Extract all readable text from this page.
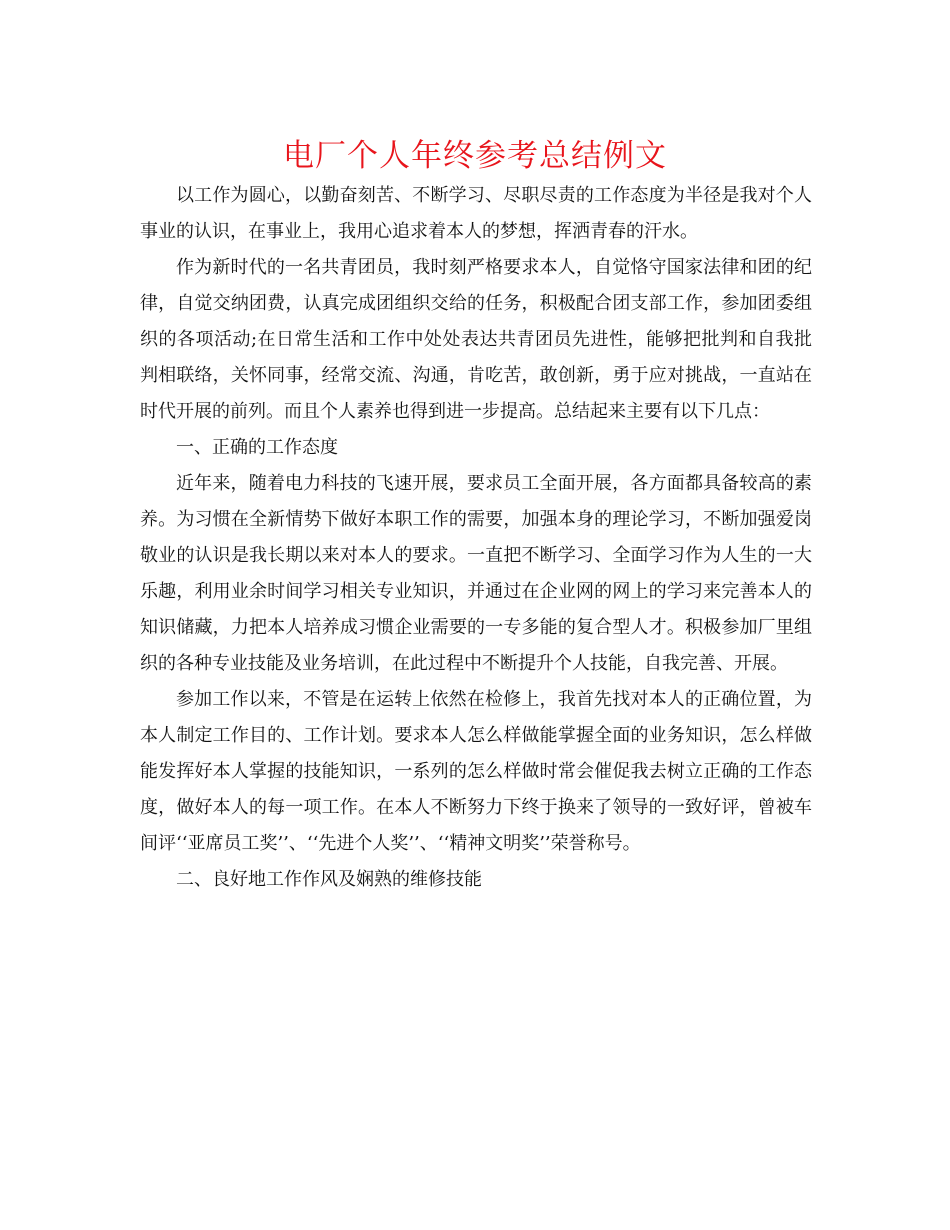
电厂个人年终参考总结例文

以工作为圆心，以勤奋刻苦、不断学习、尽职尽责的工作态度为半径是我对个人事业的认识，在事业上，我用心追求着本人的梦想，挥洒青春的汗水。

作为新时代的一名共青团员，我时刻严格要求本人，自觉恪守国家法律和团的纪律，自觉交纳团费，认真完成团组织交给的任务，积极配合团支部工作，参加团委组织的各项活动;在日常生活和工作中处处表达共青团员先进性，能够把批判和自我批判相联络，关怀同事，经常交流、沟通，肯吃苦，敢创新，勇于应对挑战，一直站在时代开展的前列。而且个人素养也得到进一步提高。总结起来主要有以下几点：

一、正确的工作态度

近年来，随着电力科技的飞速开展，要求员工全面开展，各方面都具备较高的素养。为习惯在全新情势下做好本职工作的需要，加强本身的理论学习，不断加强爱岗敬业的认识是我长期以来对本人的要求。一直把不断学习、全面学习作为人生的一大乐趣，利用业余时间学习相关专业知识，并通过在企业网的网上的学习来完善本人的知识储藏，力把本人培养成习惯企业需要的一专多能的复合型人才。积极参加厂里组织的各种专业技能及业务培训，在此过程中不断提升个人技能，自我完善、开展。

参加工作以来，不管是在运转上依然在检修上，我首先找对本人的正确位置，为本人制定工作目的、工作计划。要求本人怎么样做能掌握全面的业务知识，怎么样做能发挥好本人掌握的技能知识，一系列的怎么样做时常会催促我去树立正确的工作态度，做好本人的每一项工作。在本人不断努力下终于换来了领导的一致好评，曾被车间评‘‘亚席员工奖’’、‘‘先进个人奖’’、‘‘精神文明奖’’荣誉称号。

二、良好地工作作风及娴熟的维修技能
